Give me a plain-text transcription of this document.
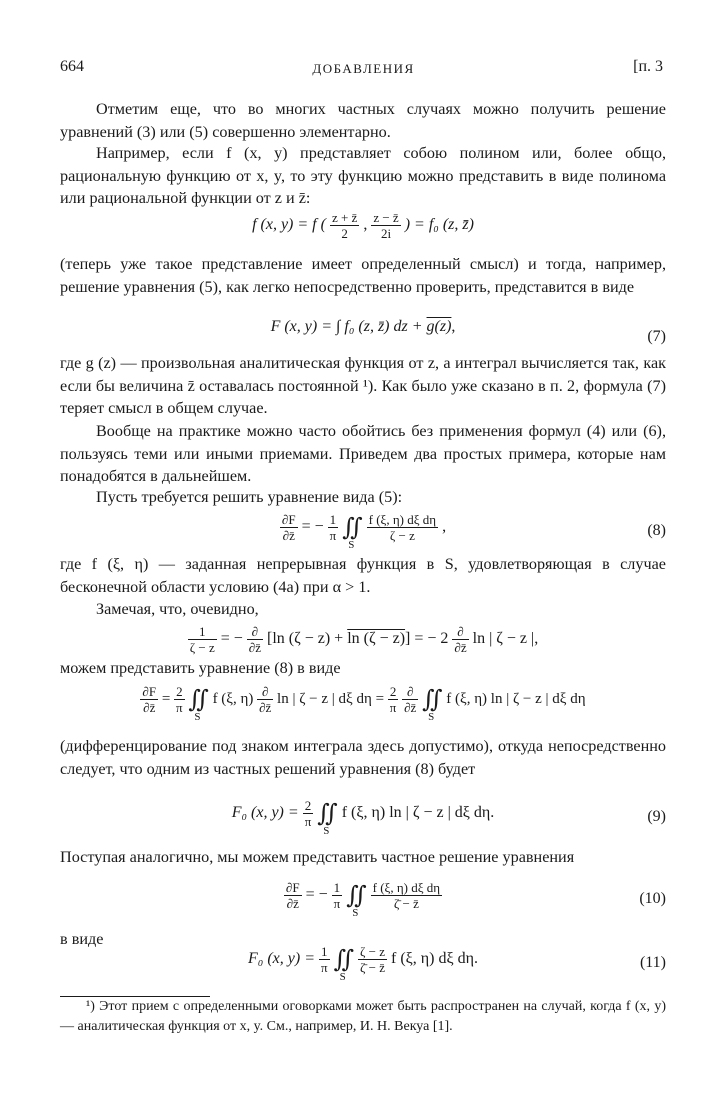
664	ДОБАВЛЕНИЯ	[п. 3

Отметим еще, что во многих частных случаях можно получить решение уравнений (3) или (5) совершенно элементарно.

Например, если f (x, y) представляет собою полином или, более общо, рациональную функцию от x, y, то эту функцию можно представить в виде полинома или рациональной функции от z и z̄:

f (x, y) = f ( $\frac{z + z̄}{2}$ , $\frac{z - z̄}{2i}$ ) = f₀ (z, z̄)

(теперь уже такое представление имеет определенный смысл) и тогда, например, решение уравнения (5), как легко непосредственно проверить, представится в виде

F (x, y) = ∫ f₀ (z, z̄) dz + g(z),
(7)

где g (z) — произвольная аналитическая функция от z, а интеграл вычисляется так, как если бы величина z̄ оставалась постоянной ¹). Как было уже сказано в п. 2, формула (7) теряет смысл в общем случае.

Вообще на практике можно часто обойтись без применения формул (4) или (6), пользуясь теми или иными приемами. Приведем два простых примера, которые нам понадобятся в дальнейшем.

Пусть требуется решить уравнение вида (5):

$\frac{\partial F}{\partial z̄}$ = − $\frac{1}{\pi}$ ∬
S

$\frac{\text{f (ξ, η) dξ dη}}{\zeta - z}$ ,	(8)

где f (ξ, η) — заданная непрерывная функция в S, удовлетворяющая в случае бесконечной области условию (4а) при α > 1.

Замечая, что, очевидно,

$\frac{1}{\zeta - z}$ = − $\frac{\partial}{\partial z̄} [\ln$ (ζ − z) + ln (ζ − z)] = − $2 \frac{\partial}{\partial z̄}$ ln | ζ − z |,

можем представить уравнение (8) в виде

$\frac{\partial F}{\partial z̄} = \frac{2}{\pi}$ ∬
S
f (ξ, $\eta) \frac{\partial}{\partial z̄}$ ln | ζ − z | dξ $d\eta = \frac{2}{\pi}$
$\frac{\partial}{\partial z̄}$ ∬
S
f (ξ, η) ln | ζ − z | dξ dη

(дифференцирование под знаком интеграла здесь допустимо), откуда непосредственно следует, что одним из частных решений уравнения (8) будет

F₀ (x, $y) = \frac{2}{\pi}$ ∬
S
f (ξ, η) ln | ζ − z | dξ dη.	(9)

Поступая аналогично, мы можем представить частное решение уравнения

$\frac{\partial F}{\partial z̄}$ = − $\frac{1}{\pi}$ ∬
S

$\frac{\text{f (ξ, η) dξ dη}}{\zetā - z̄}$	(10)

в виде

F₀ (x, $y) = \frac{1}{\pi}$ ∬
S

$\frac{\zeta - z}{\zetā - z̄}$ f (ξ, η) dξ dη.	(11)

¹) Этот прием с определенными оговорками может быть распространен на случай, когда f (x, y) — аналитическая функция от x, y. См., например, И. Н. Векуа [1].
